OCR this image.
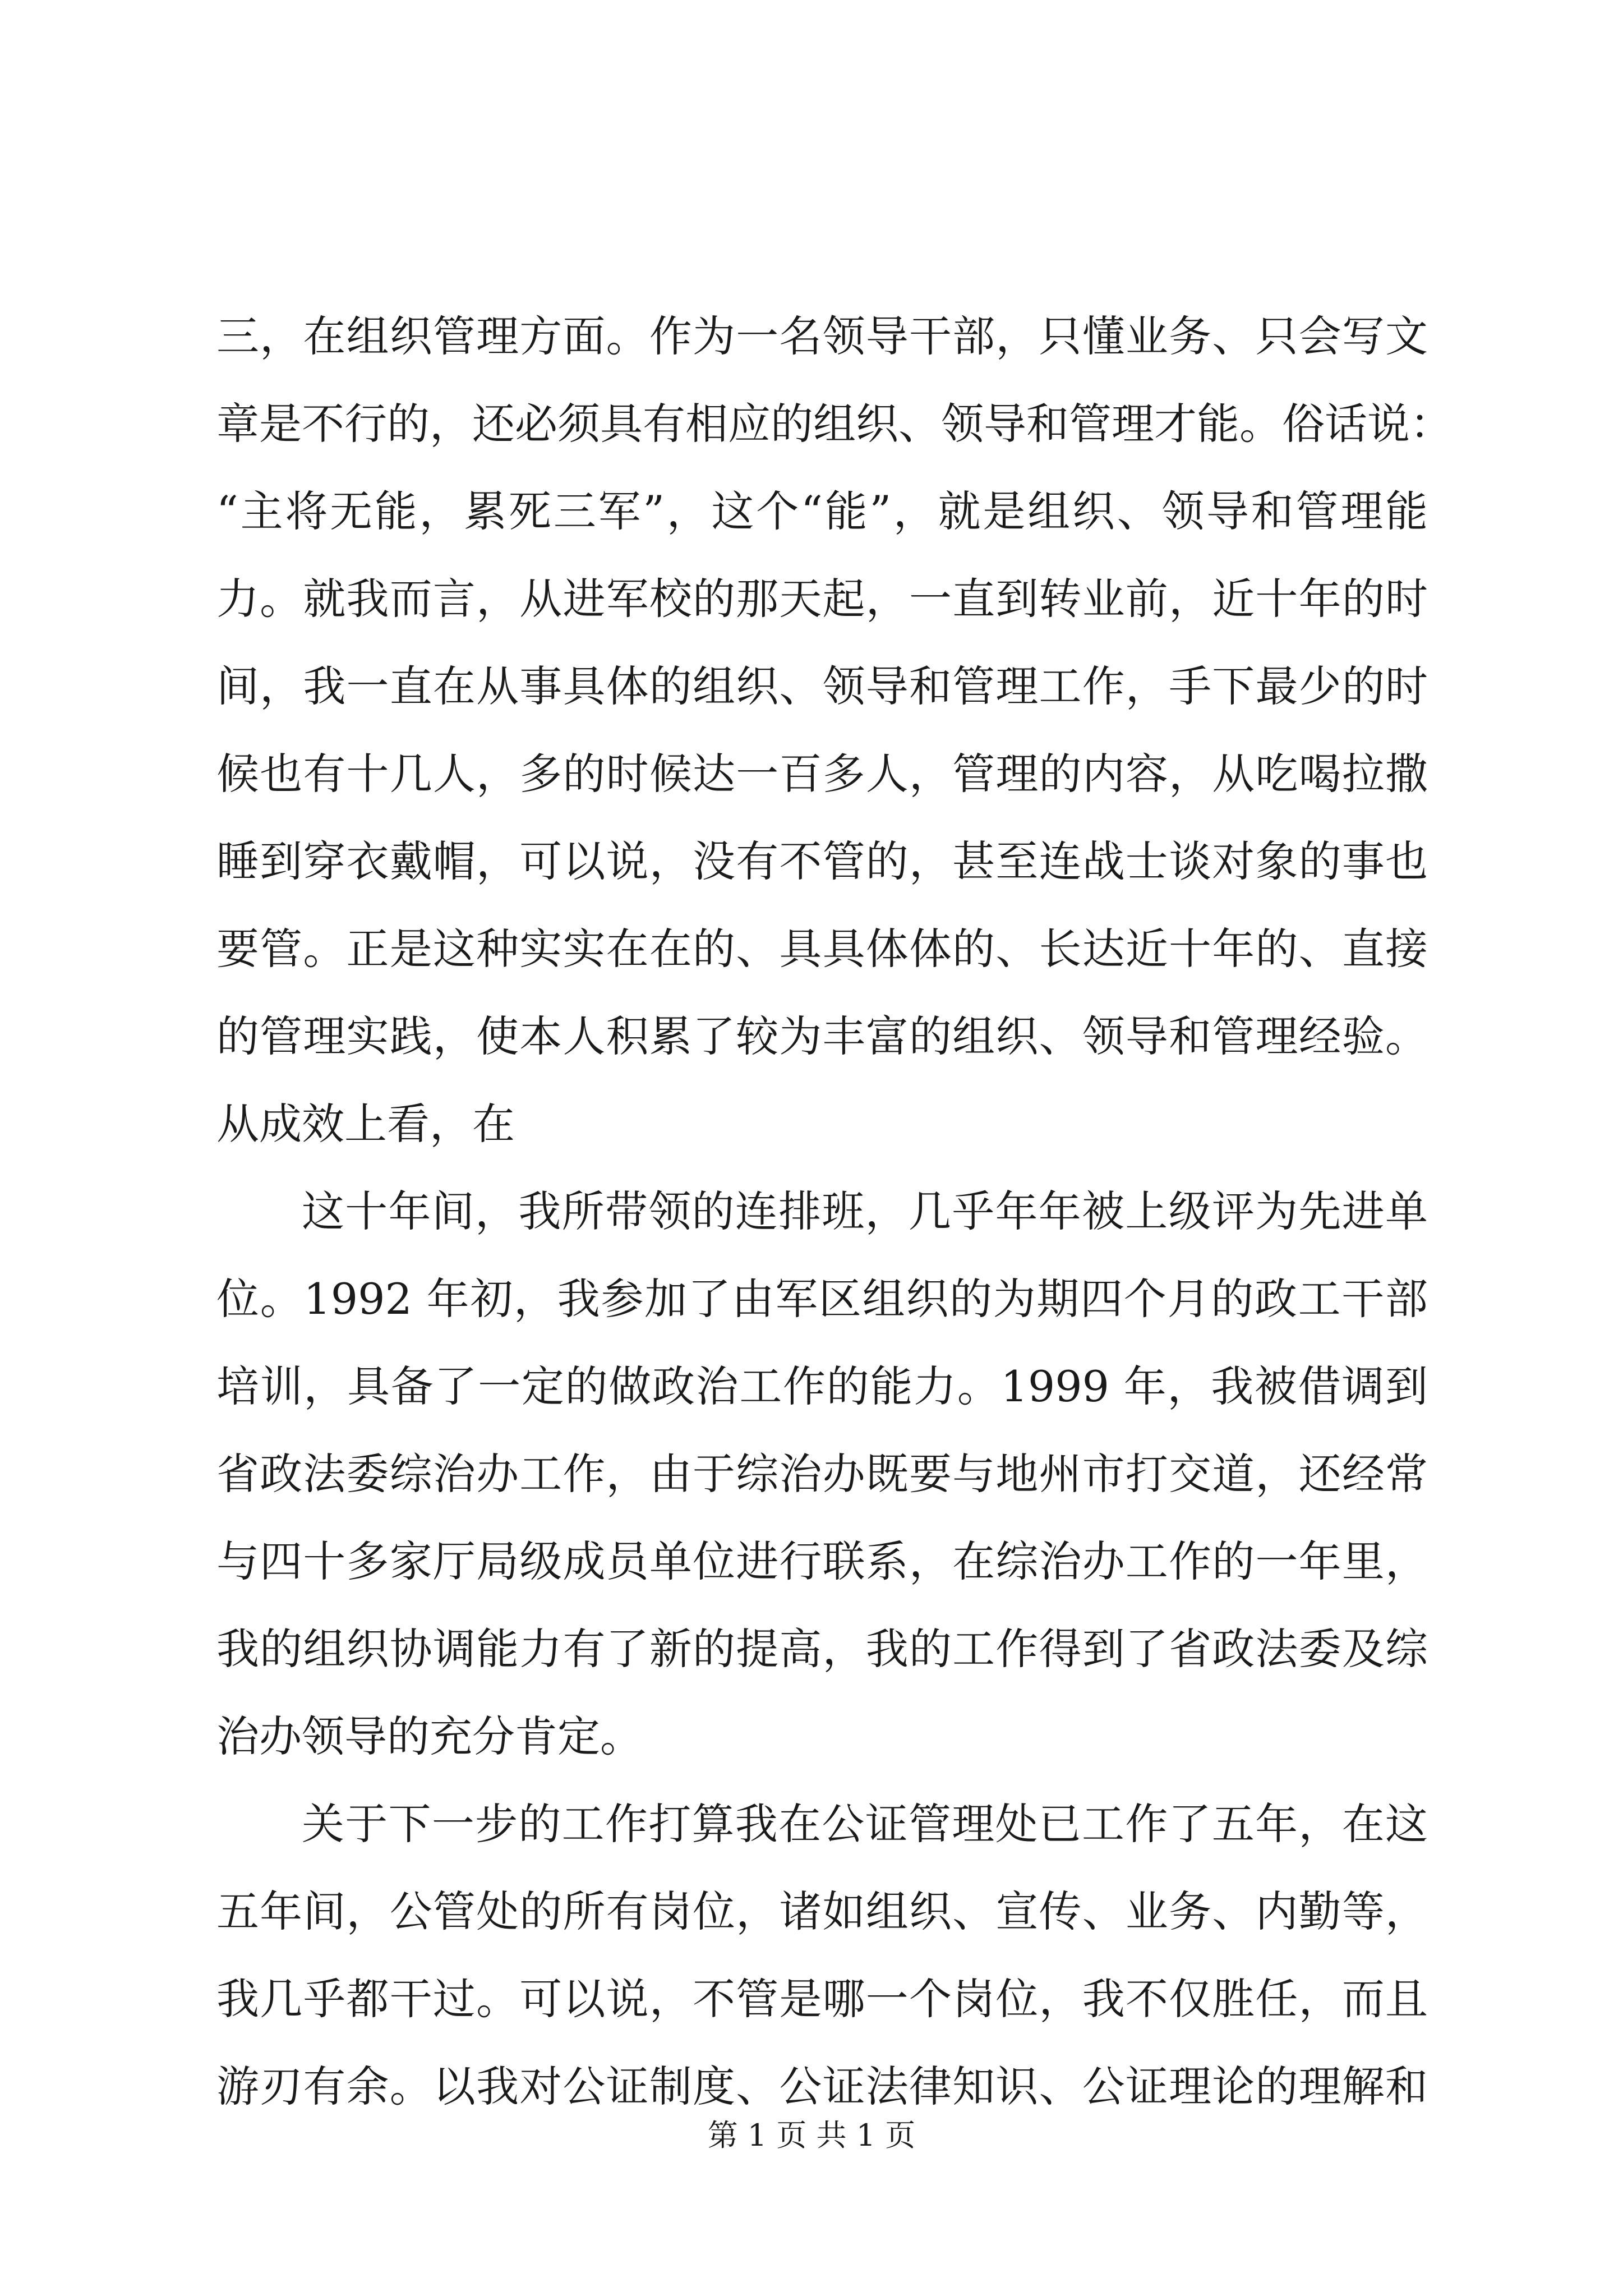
三，在组织管理方面。作为一名领导干部，只懂业务、只会写文
章是不行的，还必须具有相应的组织、领导和管理才能。俗话说：
“主将无能，累死三军”，这个“能”，就是组织、领导和管理能
力。就我而言，从进军校的那天起，一直到转业前，近十年的时
间，我一直在从事具体的组织、领导和管理工作，手下最少的时
候也有十几人，多的时候达一百多人，管理的内容，从吃喝拉撒
睡到穿衣戴帽，可以说，没有不管的，甚至连战士谈对象的事也
要管。正是这种实实在在的、具具体体的、长达近十年的、直接
的管理实践，使本人积累了较为丰富的组织、领导和管理经验。
从成效上看，在
这十年间，我所带领的连排班，几乎年年被上级评为先进单
位。1992 年初，我参加了由军区组织的为期四个月的政工干部
培训，具备了一定的做政治工作的能力。1999 年，我被借调到
省政法委综治办工作，由于综治办既要与地州市打交道，还经常
与四十多家厅局级成员单位进行联系，在综治办工作的一年里，
我的组织协调能力有了新的提高，我的工作得到了省政法委及综
治办领导的充分肯定。
关于下一步的工作打算我在公证管理处已工作了五年，在这
五年间，公管处的所有岗位，诸如组织、宣传、业务、内勤等，
我几乎都干过。可以说，不管是哪一个岗位，我不仅胜任，而且
游刃有余。以我对公证制度、公证法律知识、公证理论的理解和
第 1 页 共 1 页
